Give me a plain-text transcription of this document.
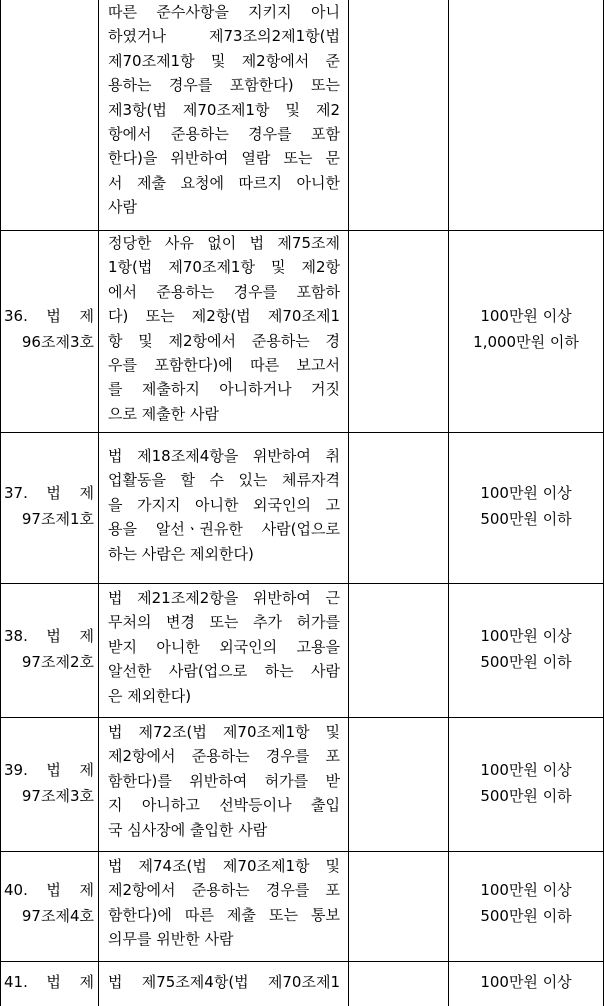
따른 준수사항을 지키지 아니
하였거나 제73조의2제1항(법
제70조제1항 및 제2항에서 준
용하는 경우를 포함한다) 또는
제3항(법 제70조제1항 및 제2
항에서 준용하는 경우를 포함
한다)을 위반하여 열람 또는 문
서 제출 요청에 따르지 아니한
사람
36. 법 제
96조제3호
정당한 사유 없이 법 제75조제
1항(법 제70조제1항 및 제2항
에서 준용하는 경우를 포함하
다) 또는 제2항(법 제70조제1
항 및 제2항에서 준용하는 경
우를 포함한다)에 따른 보고서
를 제출하지 아니하거나 거짓
으로 제출한 사람
100만원 이상
1,000만원 이하
37. 법 제
97조제1호
법 제18조제4항을 위반하여 취
업활동을 할 수 있는 체류자격
을 가지지 아니한 외국인의 고
용을 알선ㆍ권유한 사람(업으로
하는 사람은 제외한다)
100만원 이상
500만원 이하
38. 법 제
97조제2호
법 제21조제2항을 위반하여 근
무처의 변경 또는 추가 허가를
받지 아니한 외국인의 고용을
알선한 사람(업으로 하는 사람
은 제외한다)
100만원 이상
500만원 이하
39. 법 제
97조제3호
법 제72조(법 제70조제1항 및
제2항에서 준용하는 경우를 포
함한다)를 위반하여 허가를 받
지 아니하고 선박등이나 출입
국 심사장에 출입한 사람
100만원 이상
500만원 이하
40. 법 제
97조제4호
법 제74조(법 제70조제1항 및
제2항에서 준용하는 경우를 포
함한다)에 따른 제출 또는 통보
의무를 위반한 사람
100만원 이상
500만원 이하
41. 법 제 법 제75조제4항(법 제70조제1	100만원 이상
